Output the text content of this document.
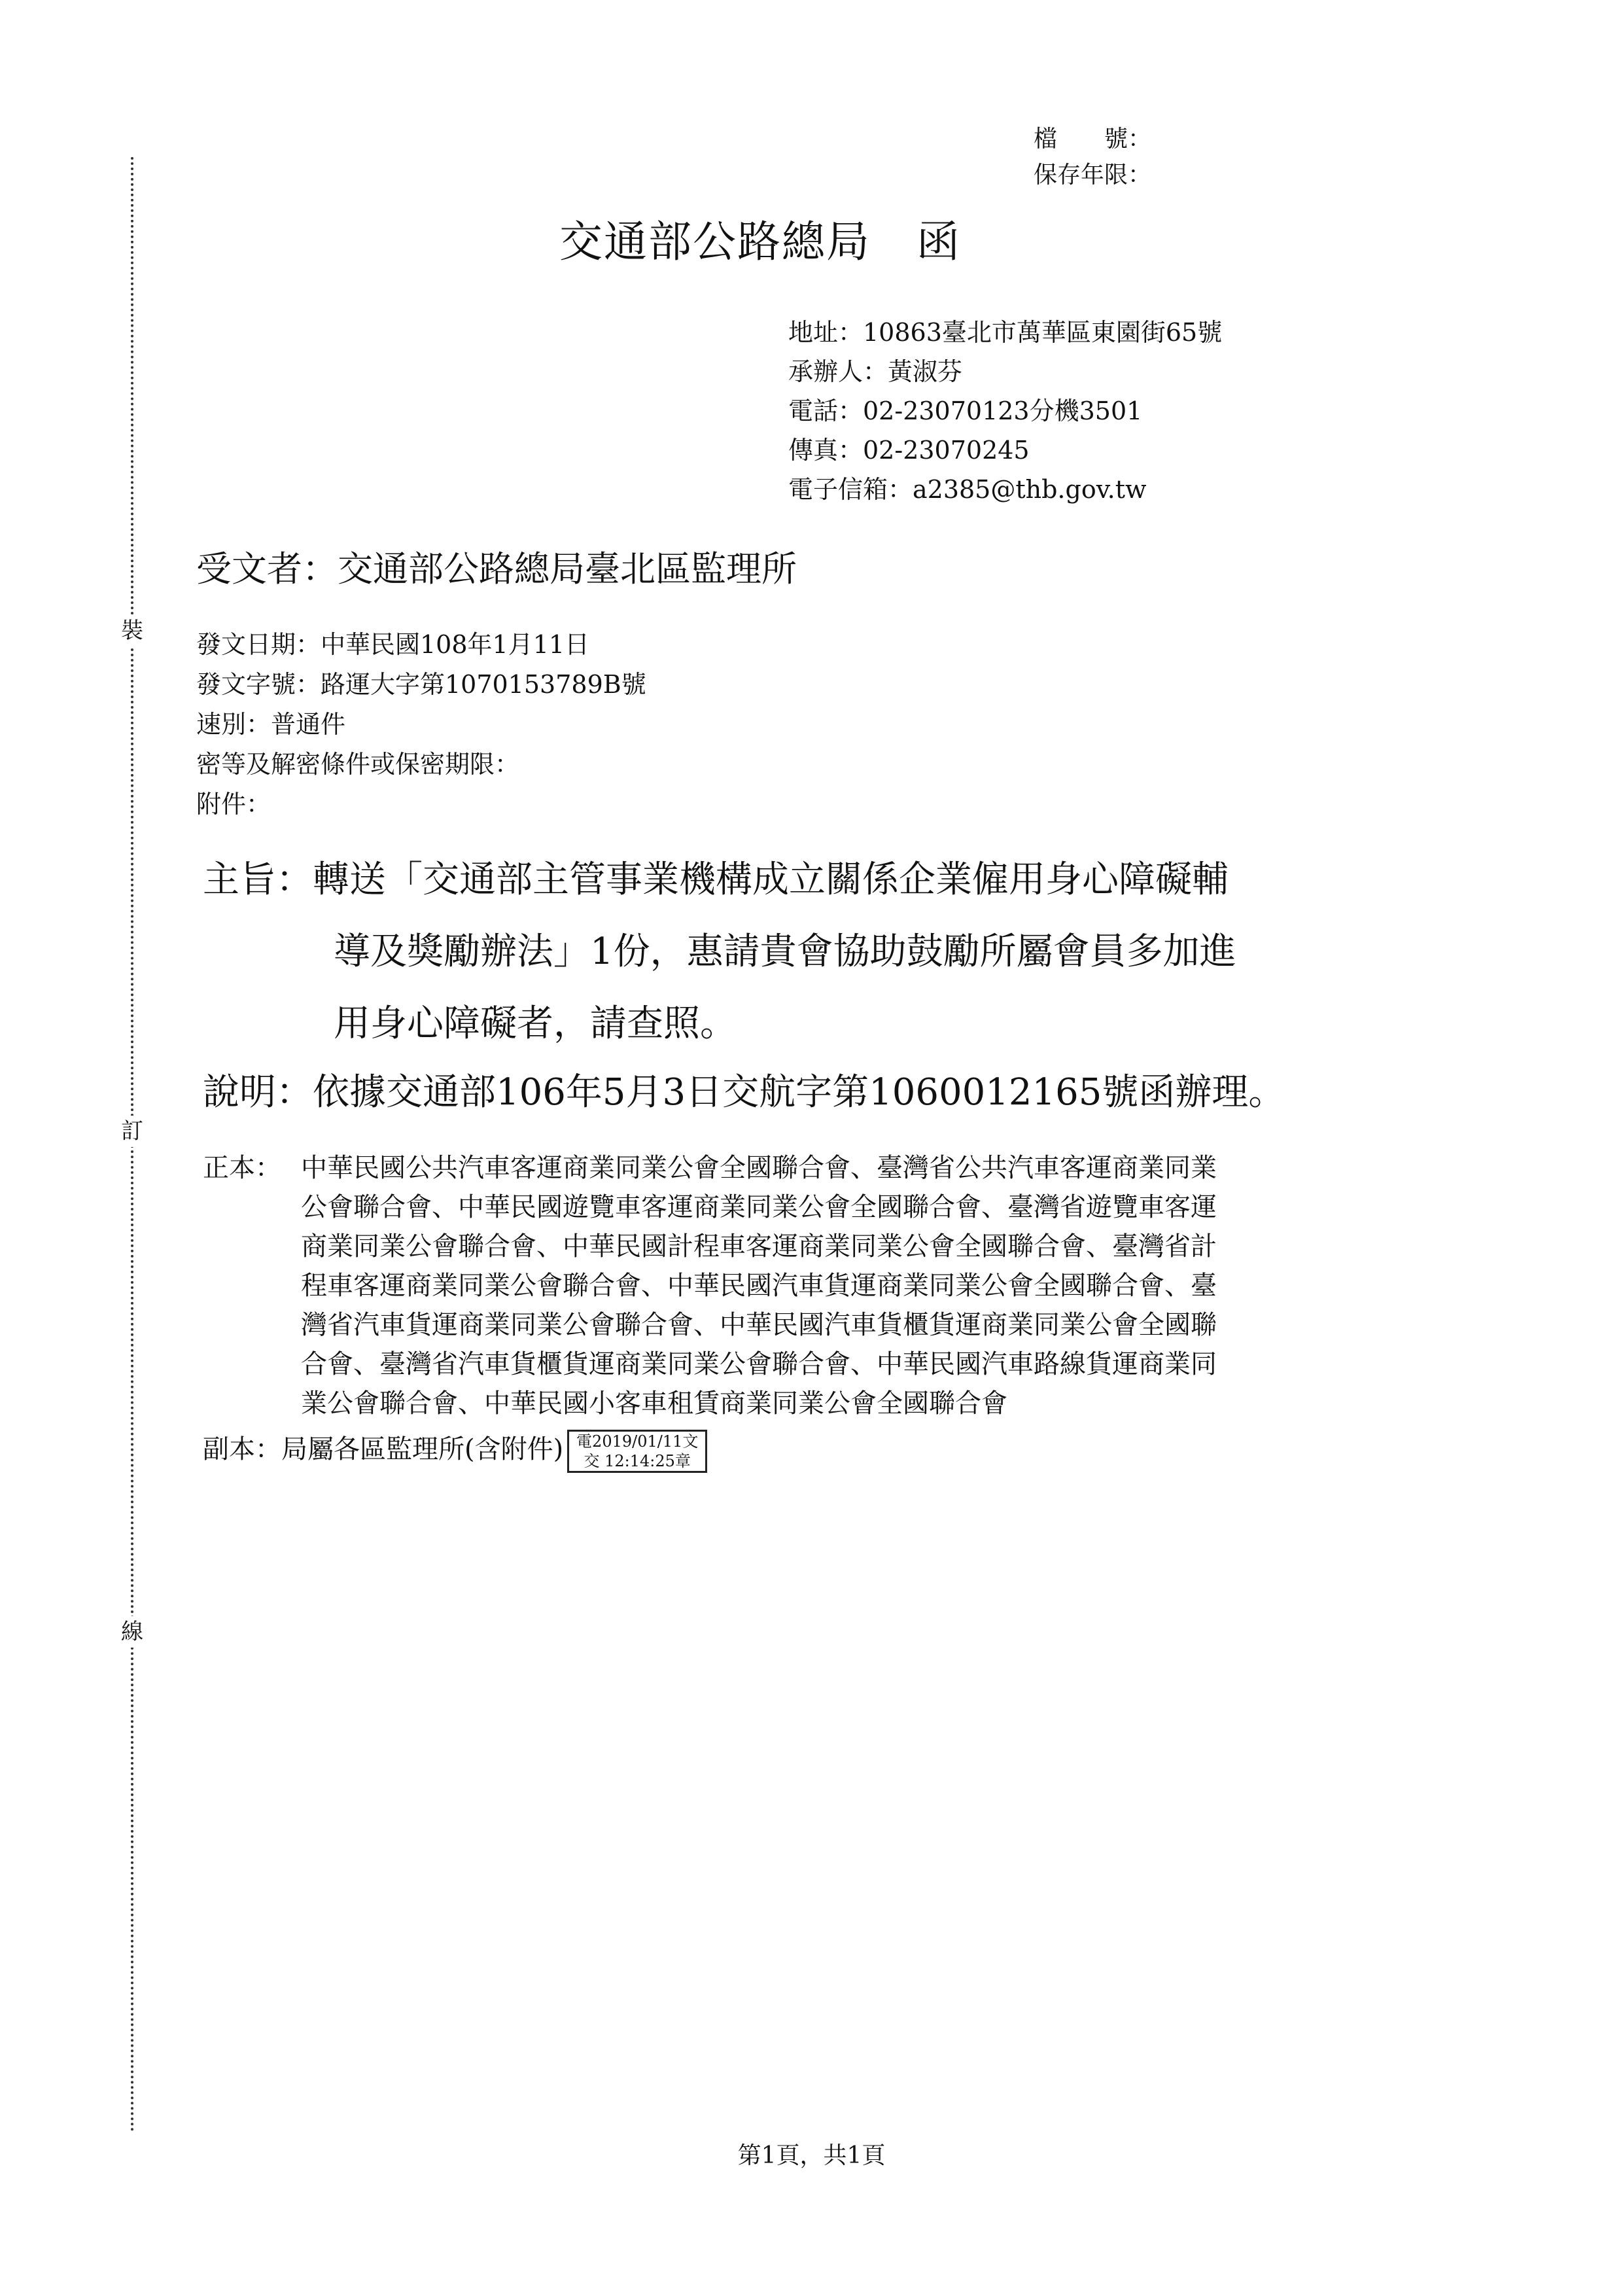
裝
訂
線
檔　　號：
保存年限：
交通部公路總局 函
地址：10863臺北市萬華區東園街65號
承辦人：黃淑芬
電話：02-23070123分機3501
傳真：02-23070245
電子信箱：a2385@thb.gov.tw
受文者：交通部公路總局臺北區監理所
發文日期：中華民國108年1月11日
發文字號：路運大字第1070153789B號
速別：普通件
密等及解密條件或保密期限：
附件：
主旨：轉送「交通部主管事業機構成立關係企業僱用身心障礙輔
導及獎勵辦法」1份，惠請貴會協助鼓勵所屬會員多加進
用身心障礙者，請查照。
說明：依據交通部106年5月3日交航字第1060012165號函辦理。
正本： 中華民國公共汽車客運商業同業公會全國聯合會、臺灣省公共汽車客運商業同業
公會聯合會、中華民國遊覽車客運商業同業公會全國聯合會、臺灣省遊覽車客運
商業同業公會聯合會、中華民國計程車客運商業同業公會全國聯合會、臺灣省計
程車客運商業同業公會聯合會、中華民國汽車貨運商業同業公會全國聯合會、臺
灣省汽車貨運商業同業公會聯合會、中華民國汽車貨櫃貨運商業同業公會全國聯
合會、臺灣省汽車貨櫃貨運商業同業公會聯合會、中華民國汽車路線貨運商業同
業公會聯合會、中華民國小客車租賃商業同業公會全國聯合會
副本：局屬各區監理所(含附件) 電2019/01/11文
交 12:14:25章
第1頁，共1頁
